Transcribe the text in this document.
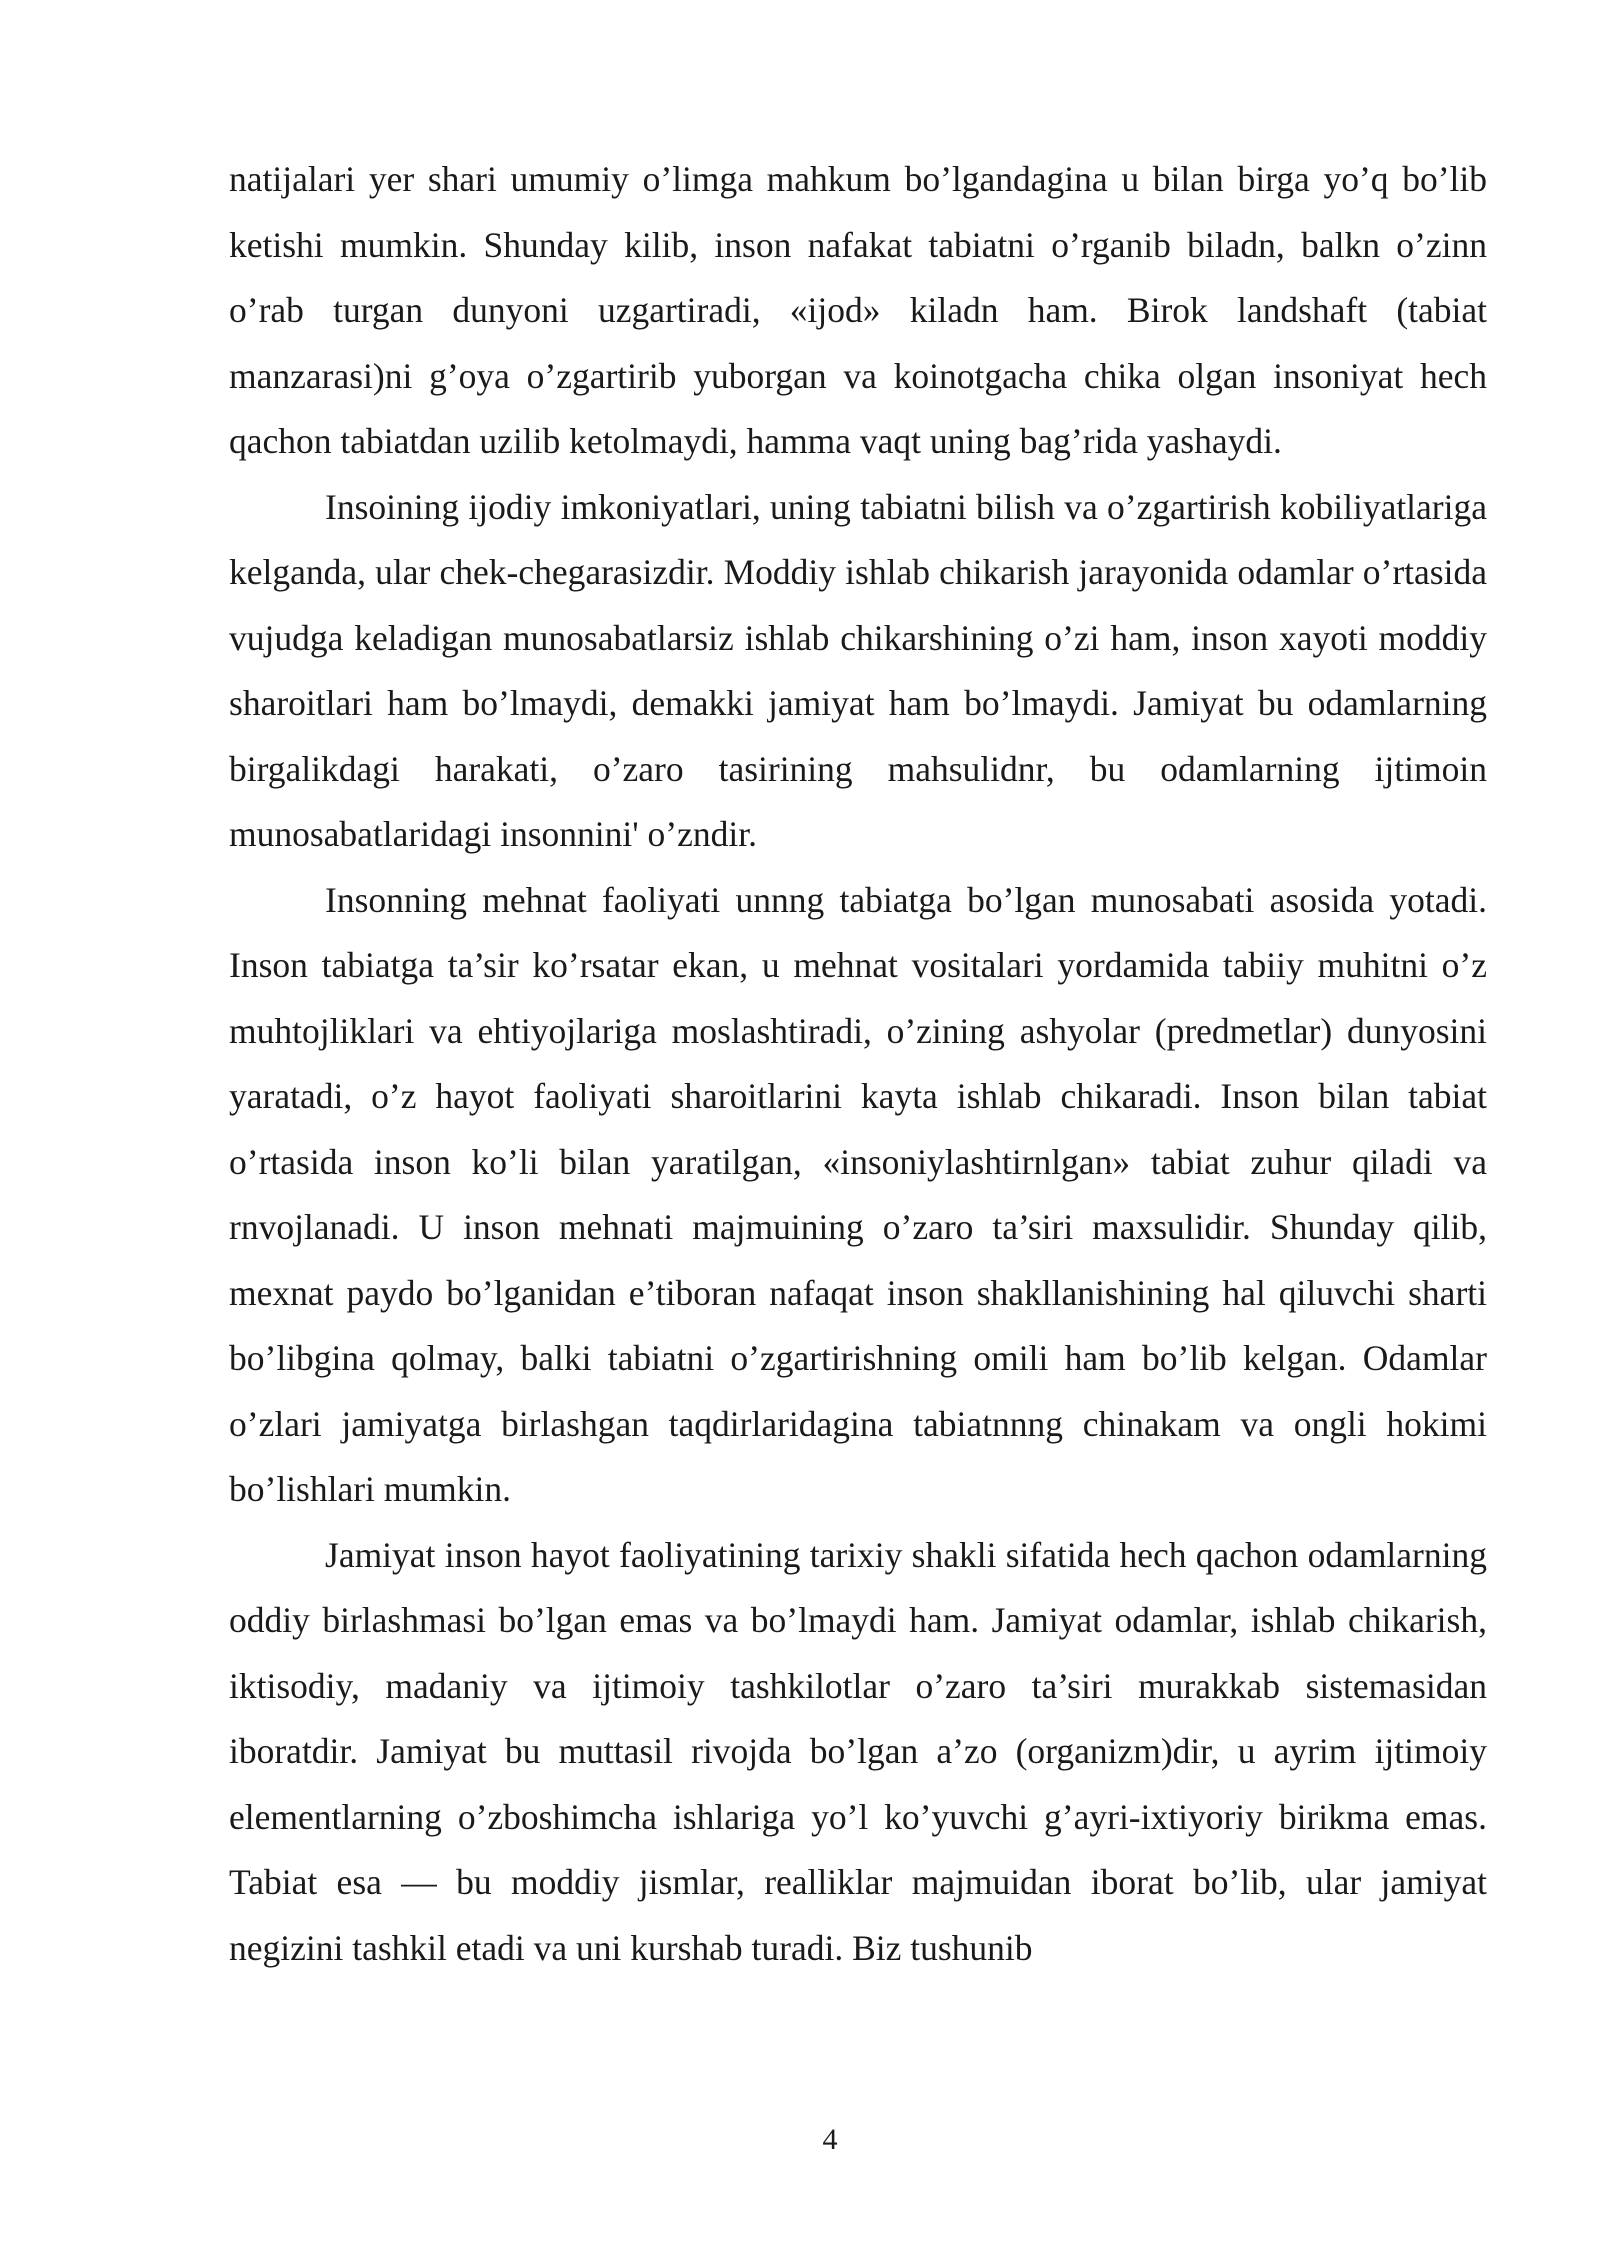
natijalari yer shari umumiy o’limga mahkum bo’lgandagina u bilan birga yo’q bo’lib ketishi mumkin. Shunday kilib, inson nafakat tabiatni o’rganib biladn, balkn o’zinn o’rab turgan dunyoni uzgartiradi, «ijod» kiladn ham. Birok landshaft (tabiat manzarasi)ni g’oya o’zgartirib yuborgan va koinotgacha chika olgan insoniyat hech qachon tabiatdan uzilib ketolmaydi, hamma vaqt uning bag’rida yashaydi.

Insoining ijodiy imkoniyatlari, uning tabiatni bilish va o’zgartirish kobiliyatlariga kelganda, ular chek-chegarasizdir. Moddiy ishlab chikarish jarayonida odamlar o’rtasida vujudga keladigan munosabatlarsiz ishlab chikarshining o’zi ham, inson xayoti moddiy sharoitlari ham bo’lmaydi, demakki jamiyat ham bo’lmaydi. Jamiyat bu odamlarning birgalikdagi harakati, o’zaro tasirining mahsulidnr, bu odamlarning ijtimoin munosabatlaridagi insonnini' o’zndir.

Insonning mehnat faoliyati unnng tabiatga bo’lgan munosabati asosida yotadi. Inson tabiatga ta’sir ko’rsatar ekan, u mehnat vositalari yordamida tabiiy muhitni o’z muhtojliklari va ehtiyojlariga moslashtiradi, o’zining ashyolar (predmetlar) dunyosini yaratadi, o’z hayot faoliyati sharoitlarini kayta ishlab chikaradi. Inson bilan tabiat o’rtasida inson ko’li bilan yaratilgan, «insoniylashtirnlgan» tabiat zuhur qiladi va rnvojlanadi. U inson mehnati majmuining o’zaro ta’siri maxsulidir. Shunday qilib, mexnat paydo bo’lganidan e’tiboran nafaqat inson shakllanishining hal qiluvchi sharti bo’libgina qolmay, balki tabiatni o’zgartirishning omili ham bo’lib kelgan. Odamlar o’zlari jamiyatga birlashgan taqdirlaridagina tabiatnnng chinakam va ongli hokimi bo’lishlari mumkin.

Jamiyat inson hayot faoliyatining tarixiy shakli sifatida hech qachon odamlarning oddiy birlashmasi bo’lgan emas va bo’lmaydi ham. Jamiyat odamlar, ishlab chikarish, iktisodiy, madaniy va ijtimoiy tashkilotlar o’zaro ta’siri murakkab sistemasidan iboratdir. Jamiyat bu muttasil rivojda bo’lgan a’zo (organizm)dir, u ayrim ijtimoiy elementlarning o’zboshimcha ishlariga yo’l ko’yuvchi g’ayri-ixtiyoriy birikma emas. Tabiat esa — bu moddiy jismlar, realliklar majmuidan iborat bo’lib, ular jamiyat negizini tashkil etadi va uni kurshab turadi. Biz tushunib

4
